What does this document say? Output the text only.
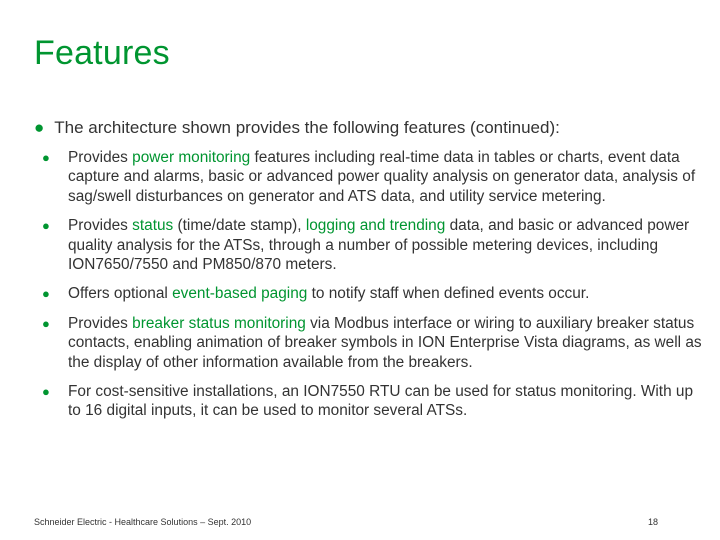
Features
● The architecture shown provides the following features (continued):
● Provides power monitoring features including real-time data in tables or charts, event data capture and alarms, basic or advanced power quality analysis on generator data, analysis of sag/swell disturbances on generator and ATS data, and utility service metering.
● Provides status (time/date stamp), logging and trending data, and basic or advanced power quality analysis for the ATSs, through a number of possible metering devices, including ION7650/7550 and PM850/870 meters.
● Offers optional event-based paging to notify staff when defined events occur.
● Provides breaker status monitoring via Modbus interface or wiring to auxiliary breaker status contacts, enabling animation of breaker symbols in ION Enterprise Vista diagrams, as well as the display of other information available from the breakers.
● For cost-sensitive installations, an ION7550 RTU can be used for status monitoring. With up to 16 digital inputs, it can be used to monitor several ATSs.
Schneider Electric - Healthcare Solutions – Sept. 2010	18
